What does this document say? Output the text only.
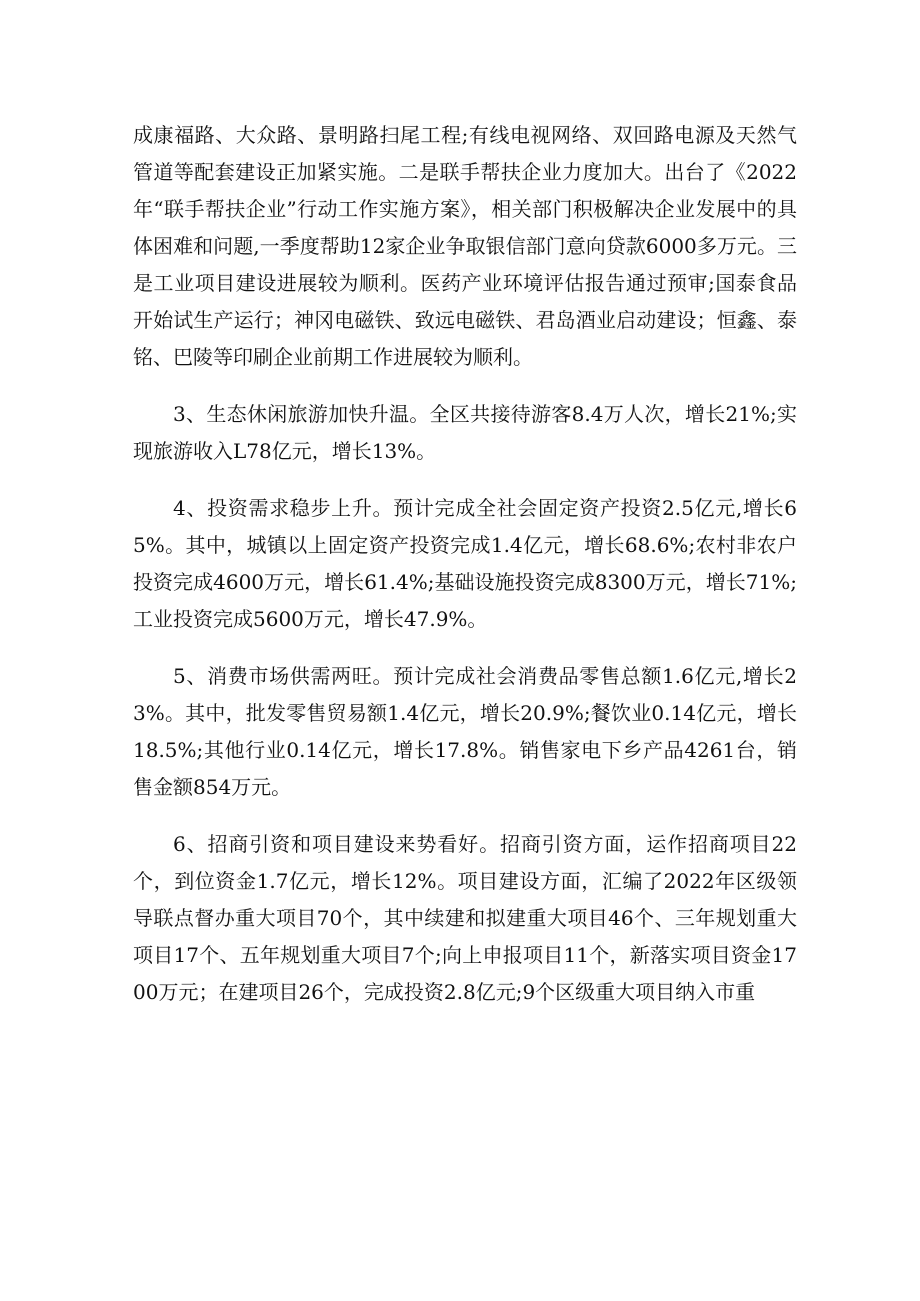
成康福路、大众路、景明路扫尾工程;有线电视网络、双回路电源及天然气管道等配套建设正加紧实施。二是联手帮扶企业力度加大。出台了《2022年“联手帮扶企业”行动工作实施方案》，相关部门积极解决企业发展中的具体困难和问题,一季度帮助12家企业争取银信部门意向贷款6000多万元。三是工业项目建设进展较为顺利。医药产业环境评估报告通过预审;国泰食品开始试生产运行；神冈电磁铁、致远电磁铁、君岛酒业启动建设；恒鑫、泰铭、巴陵等印刷企业前期工作进展较为顺利。

3、生态休闲旅游加快升温。全区共接待游客8.4万人次，增长21%;实现旅游收入L78亿元，增长13%。

4、投资需求稳步上升。预计完成全社会固定资产投资2.5亿元,增长65%。其中，城镇以上固定资产投资完成1.4亿元，增长68.6%;农村非农户投资完成4600万元，增长61.4%;基础设施投资完成8300万元，增长71%;工业投资完成5600万元，增长47.9%。

5、消费市场供需两旺。预计完成社会消费品零售总额1.6亿元,增长23%。其中，批发零售贸易额1.4亿元，增长20.9%;餐饮业0.14亿元，增长18.5%;其他行业0.14亿元，增长17.8%。销售家电下乡产品4261台，销售金额854万元。

6、招商引资和项目建设来势看好。招商引资方面，运作招商项目22个，到位资金1.7亿元，增长12%。项目建设方面，汇编了2022年区级领导联点督办重大项目70个，其中续建和拟建重大项目46个、三年规划重大项目17个、五年规划重大项目7个;向上申报项目11个，新落实项目资金1700万元；在建项目26个，完成投资2.8亿元;9个区级重大项目纳入市重
